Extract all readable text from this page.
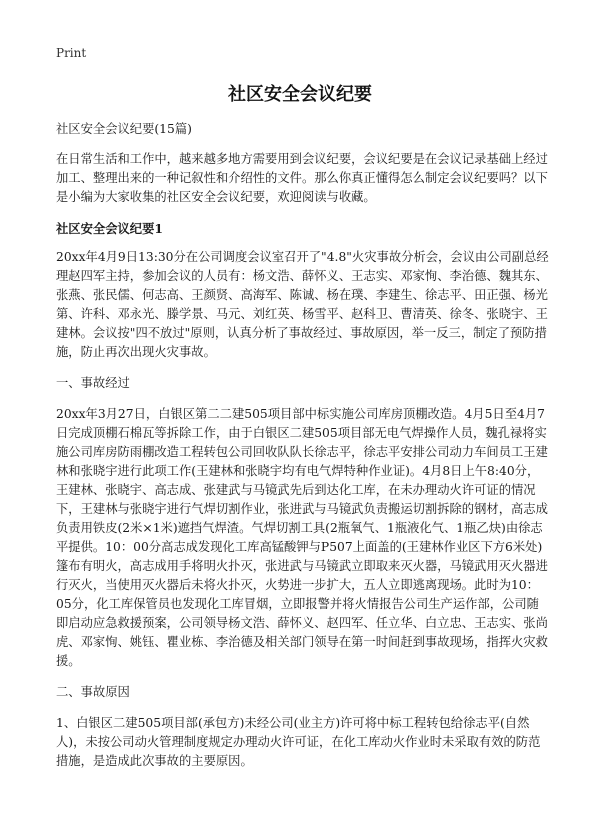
Print
社区安全会议纪要

社区安全会议纪要(15篇)

在日常生活和工作中，越来越多地方需要用到会议纪要，会议纪要是在会议记录基础上经过加工、整理出来的一种记叙性和介绍性的文件。那么你真正懂得怎么制定会议纪要吗？以下是小编为大家收集的社区安全会议纪要，欢迎阅读与收藏。

社区安全会议纪要1

20xx年4月9日13:30分在公司调度会议室召开了"4.8"火灾事故分析会，会议由公司副总经理赵四军主持，参加会议的人员有：杨文浩、薛怀义、王志实、邓家恂、李治德、魏其东、张燕、张民儒、何志高、王颜贤、高海军、陈诚、杨在璞、李建生、徐志平、田正强、杨光第、许科、邓永光、滕学景、马元、刘红英、杨雪平、赵科卫、曹清英、徐冬、张晓宇、王建林。会议按"四不放过"原则，认真分析了事故经过、事故原因，举一反三，制定了预防措施，防止再次出现火灾事故。

一、事故经过

20xx年3月27日，白银区第二二建505项目部中标实施公司库房顶棚改造。4月5日至4月7日完成顶棚石棉瓦等拆除工作，由于白银区二建505项目部无电气焊操作人员，魏孔禄将实施公司库房防雨棚改造工程转包公司回收队队长徐志平，徐志平安排公司动力车间员工王建林和张晓宇进行此项工作(王建林和张晓宇均有电气焊特种作业证)。4月8日上午8:40分，王建林、张晓宇、高志成、张建武与马镜武先后到达化工库，在未办理动火许可证的情况下，王建林与张晓宇进行气焊切割作业，张进武与马镜武负责搬运切割拆除的钢材，高志成负责用铁皮(2米×1米)遮挡气焊渣。气焊切割工具(2瓶氧气、1瓶液化气、1瓶乙炔)由徐志平提供。10：00分高志成发现化工库高锰酸钾与P507上面盖的(王建林作业区下方6米处)篷布有明火，高志成用手将明火扑灭，张进武与马镜武立即取来灭火器，马镜武用灭火器进行灭火，当使用灭火器后未将火扑灭，火势进一步扩大，五人立即逃离现场。此时为10：05分，化工库保管员也发现化工库冒烟，立即报警并将火情报告公司生产运作部，公司随即启动应急救援预案，公司领导杨文浩、薛怀义、赵四军、任立华、白立忠、王志实、张尚虎、邓家恂、姚钰、瞿业栋、李治德及相关部门领导在第一时间赶到事故现场，指挥火灾救援。

二、事故原因

1、白银区二建505项目部(承包方)未经公司(业主方)许可将中标工程转包给徐志平(自然人)，未按公司动火管理制度规定办理动火许可证，在化工库动火作业时未采取有效的防范措施，是造成此次事故的主要原因。
